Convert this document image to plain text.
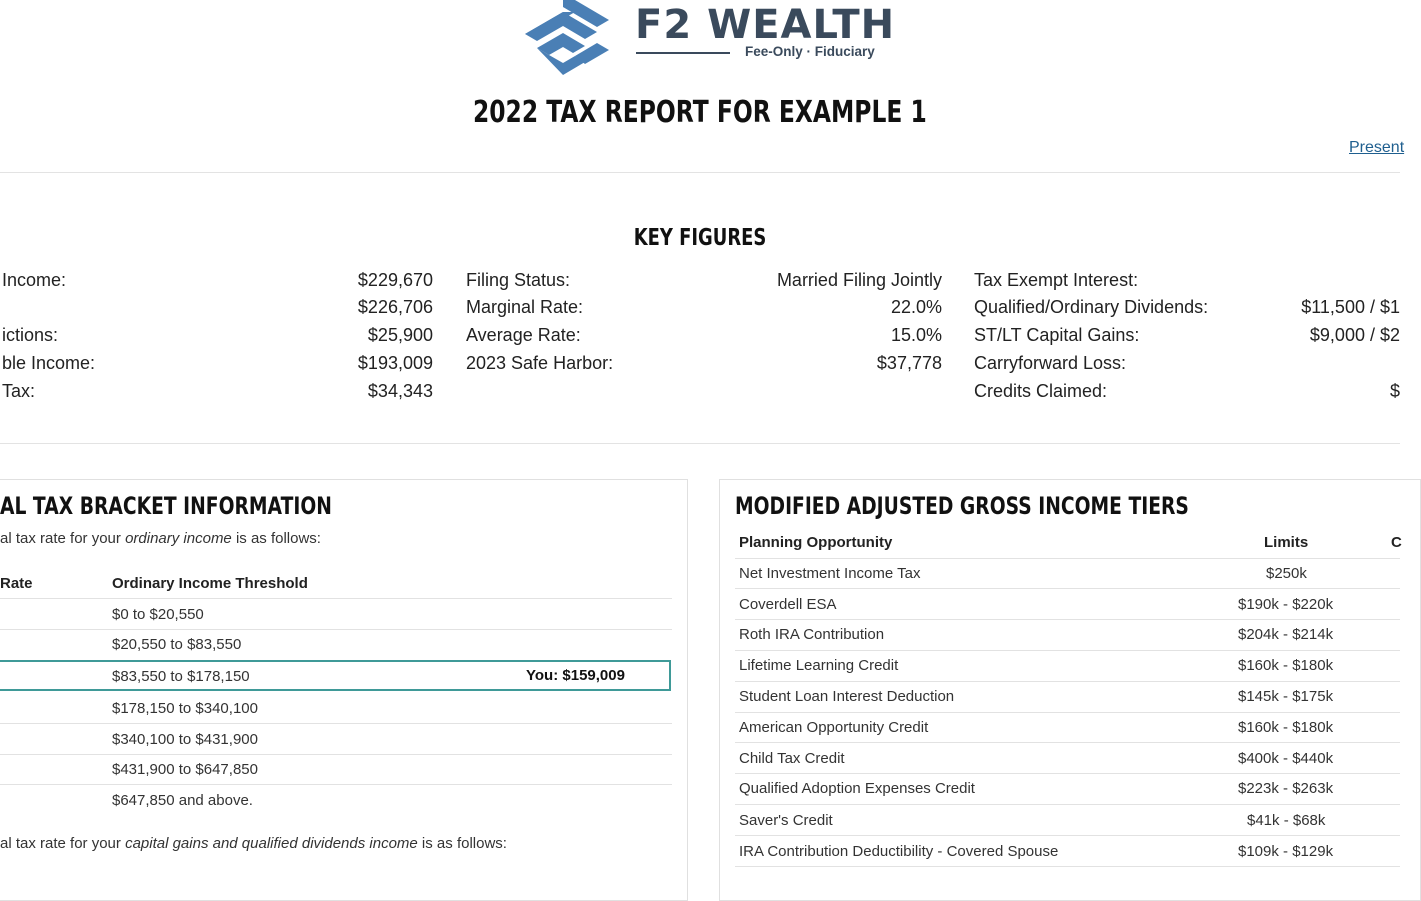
F2 WEALTH
Fee-Only · Fiduciary
2022 TAX REPORT FOR EXAMPLE 1
Present
KEY FIGURES
Income:	$229,670
$226,706
ictions:	$25,900
ble Income:	$193,009
Tax:	$34,343
Filing Status:	Married Filing Jointly
Marginal Rate:	22.0%
Average Rate:	15.0%
2023 Safe Harbor:	$37,778
Tax Exempt Interest:
Qualified/Ordinary Dividends:	$11,500 / $1
ST/LT Capital Gains:	$9,000 / $2
Carryforward Loss:
Credits Claimed:	$
AL TAX BRACKET INFORMATION
al tax rate for your ordinary income is as follows:
Rate	Ordinary Income Threshold
$0 to $20,550
$20,550 to $83,550
$83,550 to $178,150	You: $159,009
$178,150 to $340,100
$340,100 to $431,900
$431,900 to $647,850
$647,850 and above.
al tax rate for your capital gains and qualified dividends income is as follows:
MODIFIED ADJUSTED GROSS INCOME TIERS
Planning Opportunity	Limits	C
Net Investment Income Tax	$250k
Coverdell ESA	$190k - $220k
Roth IRA Contribution	$204k - $214k
Lifetime Learning Credit	$160k - $180k
Student Loan Interest Deduction	$145k - $175k
American Opportunity Credit	$160k - $180k
Child Tax Credit	$400k - $440k
Qualified Adoption Expenses Credit	$223k - $263k
Saver's Credit	$41k - $68k
IRA Contribution Deductibility - Covered Spouse	$109k - $129k
